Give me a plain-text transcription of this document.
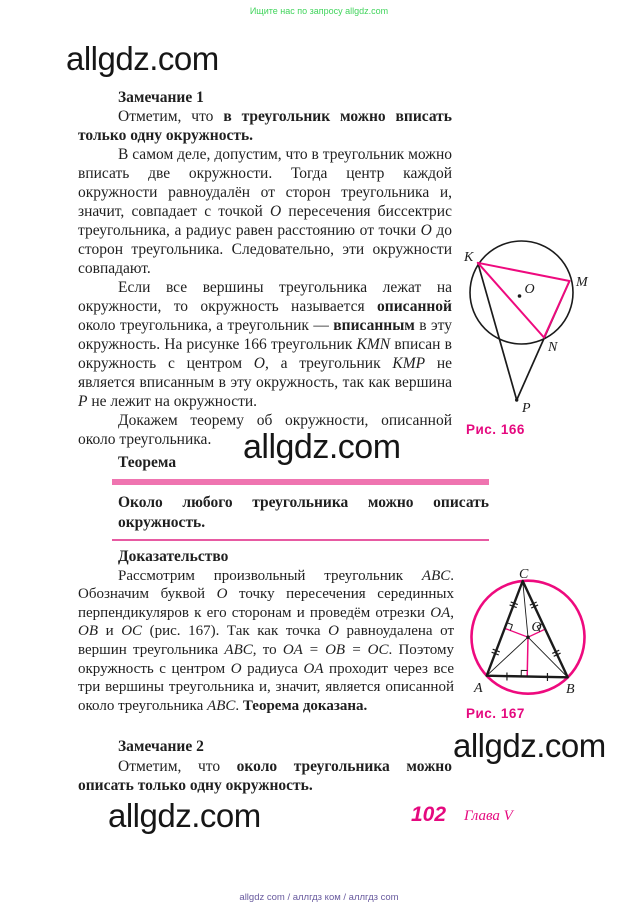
Ищите нас по запросу allgdz.com
allgdz.com
allgdz.com
allgdz.com
allgdz.com
Замечание 1

Отметим, что в треугольник можно вписать только одну окружность.

В самом деле, допустим, что в треугольник можно вписать две окружности. Тогда центр каждой окружности равноудалён от сторон треугольника и, значит, совпадает с точкой O пересечения биссектрис треугольника, а радиус равен расстоянию от точки O до сторон треугольника. Следовательно, эти окружности совпадают.

Если все вершины треугольника лежат на окружности, то окружность называется описанной около треугольника, а треугольник — вписанным в эту окружность. На рисунке 166 треугольник KMN вписан в окружность с центром O, а треугольник KMP не является вписанным в эту окружность, так как вершина P не лежит на окружности.

Докажем теорему об окружности, описанной около треугольника.

Теорема

Около любого треугольника можно описать окружность.

Доказательство

Рассмотрим произвольный треугольник ABC. Обозначим буквой O точку пересечения серединных перпендикуляров к его сторонам и проведём отрезки OA, OB и OC (рис. 167). Так как точка O равноудалена от вершин треугольника ABC, то OA = OB = OC. Поэтому окружность с центром O радиуса OA проходит через все три вершины треугольника и, значит, является описанной около треугольника ABC. Теорема доказана.

Замечание 2

Отметим, что около треугольника можно описать только одну окружность.

K
M
N
O
P
Рис. 166
C
A	B
O
Рис. 167
102 Глава V
allgdz com / аллгдз ком / аллгдз com
